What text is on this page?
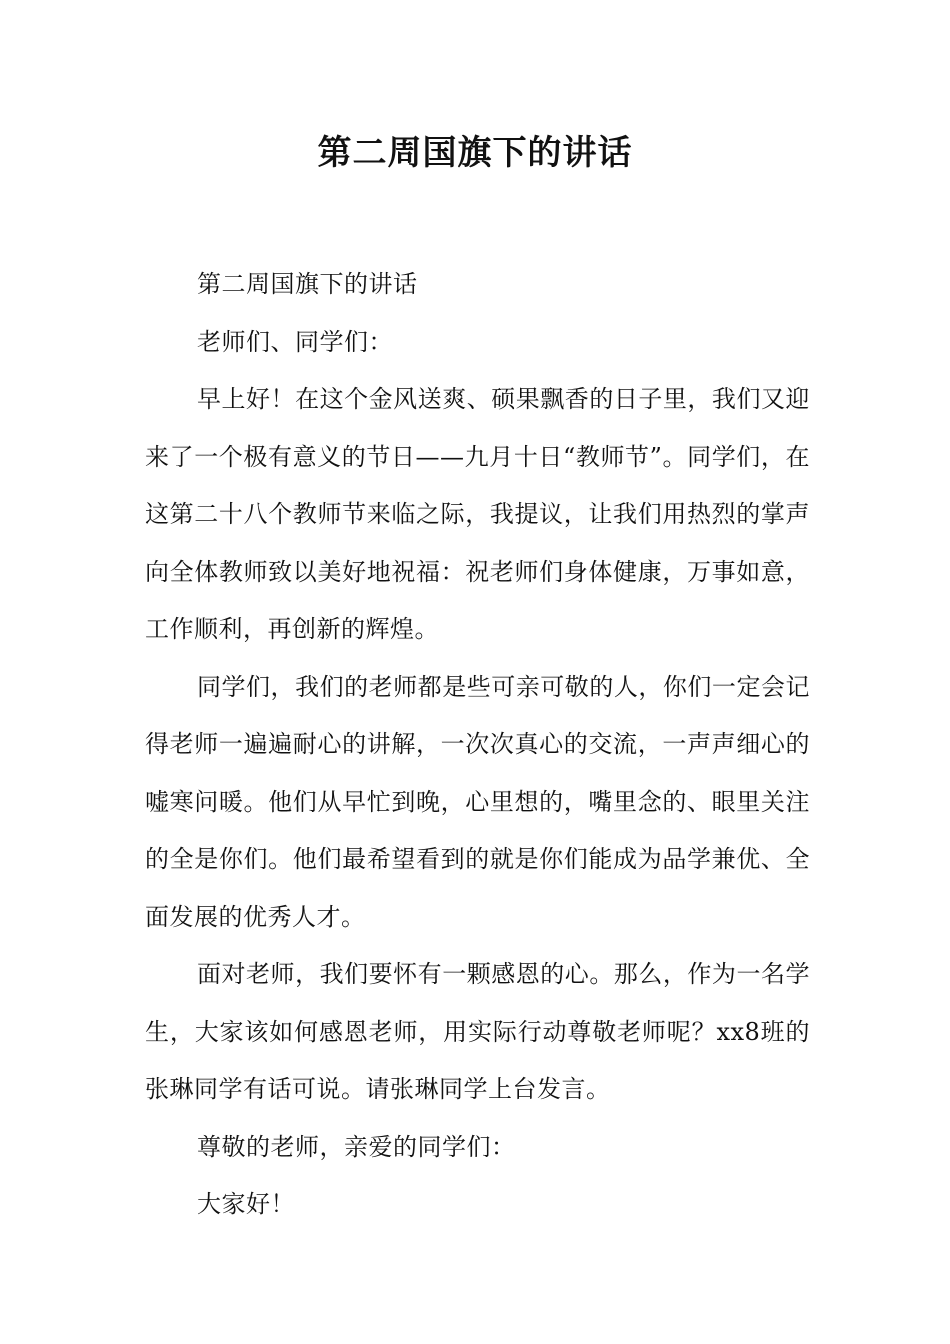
第二周国旗下的讲话

第二周国旗下的讲话

老师们、同学们：

早上好！在这个金风送爽、硕果飘香的日子里，我们又迎来了一个极有意义的节日——九月十日“教师节”。同学们，在这第二十八个教师节来临之际，我提议，让我们用热烈的掌声向全体教师致以美好地祝福：祝老师们身体健康，万事如意，工作顺利，再创新的辉煌。

同学们，我们的老师都是些可亲可敬的人，你们一定会记得老师一遍遍耐心的讲解，一次次真心的交流，一声声细心的嘘寒问暖。他们从早忙到晚，心里想的，嘴里念的、眼里关注的全是你们。他们最希望看到的就是你们能成为品学兼优、全面发展的优秀人才。

面对老师，我们要怀有一颗感恩的心。那么，作为一名学生，大家该如何感恩老师，用实际行动尊敬老师呢？xx8班的张琳同学有话可说。请张琳同学上台发言。

尊敬的老师，亲爱的同学们：

大家好！
